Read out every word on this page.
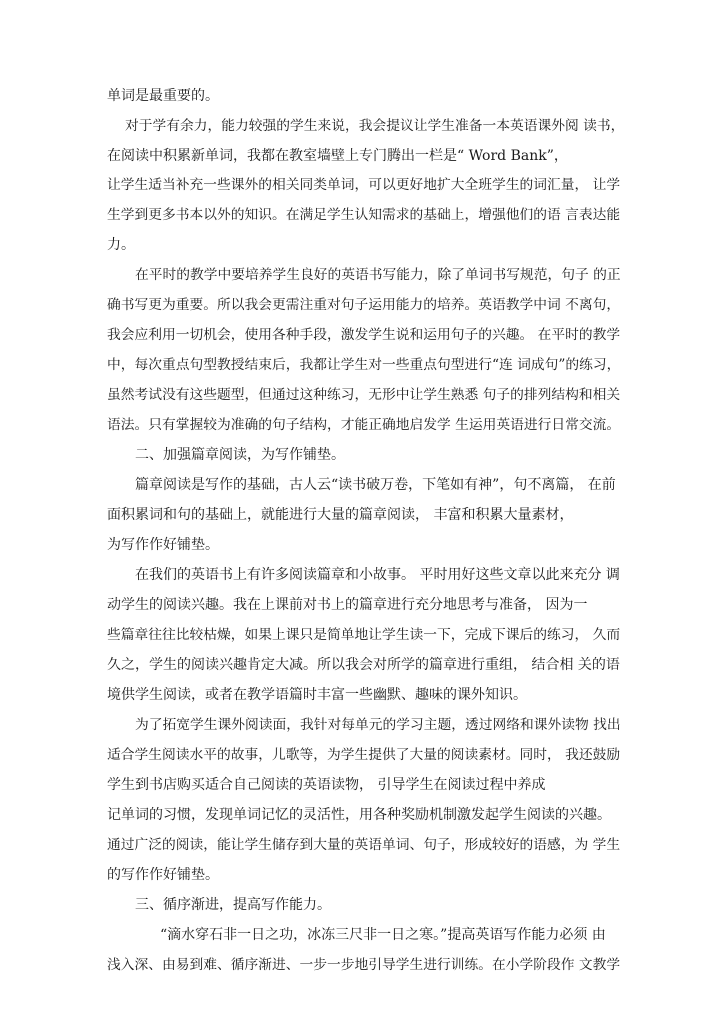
单词是最重要的。
对于学有余力，能力较强的学生来说，我会提议让学生准备一本英语课外阅 读书，
在阅读中积累新单词，我都在教室墙壁上专门腾出一栏是“ Word Bank”，
让学生适当补充一些课外的相关同类单词，可以更好地扩大全班学生的词汇量， 让学
生学到更多书本以外的知识。在满足学生认知需求的基础上，增强他们的语 言表达能
力。
在平时的教学中要培养学生良好的英语书写能力，除了单词书写规范，句子 的正
确书写更为重要。所以我会更需注重对句子运用能力的培养。英语教学中词 不离句，
我会应利用一切机会，使用各种手段，激发学生说和运用句子的兴趣。 在平时的教学
中，每次重点句型教授结束后，我都让学生对一些重点句型进行“连 词成句”的练习，
虽然考试没有这些题型，但通过这种练习，无形中让学生熟悉 句子的排列结构和相关
语法。只有掌握较为准确的句子结构，才能正确地启发学 生运用英语进行日常交流。
二、加强篇章阅读，为写作铺垫。
篇章阅读是写作的基础，古人云“读书破万卷，下笔如有神”，句不离篇， 在前
面积累词和句的基础上，就能进行大量的篇章阅读， 丰富和积累大量素材，
为写作作好铺垫。
在我们的英语书上有许多阅读篇章和小故事。 平时用好这些文章以此来充分 调
动学生的阅读兴趣。我在上课前对书上的篇章进行充分地思考与准备， 因为一
些篇章往往比较枯燥，如果上课只是简单地让学生读一下，完成下课后的练习， 久而
久之，学生的阅读兴趣肯定大减。所以我会对所学的篇章进行重组， 结合相 关的语
境供学生阅读，或者在教学语篇时丰富一些幽默、趣味的课外知识。
为了拓宽学生课外阅读面，我针对每单元的学习主题，透过网络和课外读物 找出
适合学生阅读水平的故事，儿歌等，为学生提供了大量的阅读素材。同时， 我还鼓励
学生到书店购买适合自己阅读的英语读物， 引导学生在阅读过程中养成
记单词的习惯，发现单词记忆的灵活性，用各种奖励机制激发起学生阅读的兴趣。
通过广泛的阅读，能让学生储存到大量的英语单词、句子，形成较好的语感，为 学生
的写作作好铺垫。
三、循序渐进，提高写作能力。
“滴水穿石非一日之功，冰冻三尺非一日之寒。”提高英语写作能力必须 由
浅入深、由易到难、循序渐进、一步一步地引导学生进行训练。在小学阶段作 文教学
